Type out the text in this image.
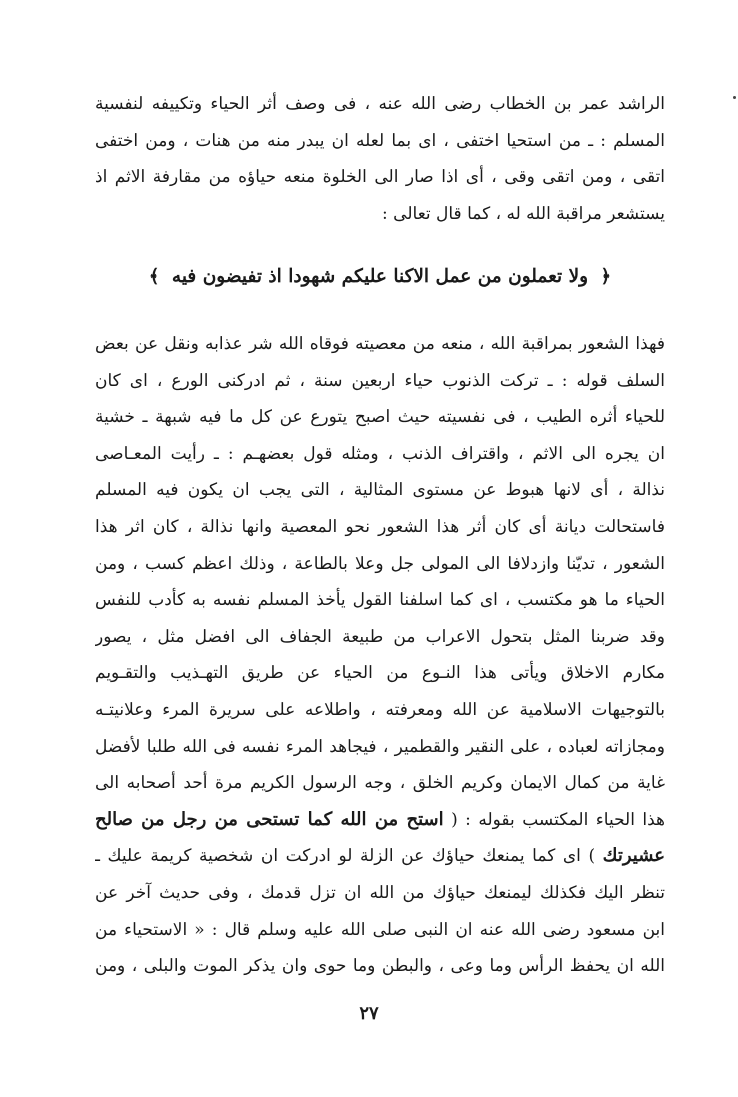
الراشد عمر بن الخطاب رضى الله عنه ، فى وصف أثر الحياء وتكييفه لنفسية
المسلم : ـ من استحيا اختفى ، اى بما لعله ان يبدر منه من هنات ، ومن اختفى
اتقى ، ومن اتقى وقى ، أى اذا صار الى الخلوة منعه حياؤه من مقارفة الاثم اذ
يستشعر مراقبة الله له ، كما قال تعالى :
﴿ ولا تعملون من عمل الاكنا عليكم شهودا اذ تفيضون فيه ﴾
فهذا الشعور بمراقبة الله ، منعه من معصيته فوقاه الله شر عذابه ونقل عن بعض
السلف قوله : ـ تركت الذنوب حياء اربعين سنة ، ثم ادركنى الورع ، اى كان
للحياء أثره الطيب ، فى نفسيته حيث اصبح يتورع عن كل ما فيه شبهة ـ خشية
ان يجره الى الاثم ، واقتراف الذنب ، ومثله قول بعضهـم : ـ رأيت المعـاصى
نذالة ، أى لانها هبوط عن مستوى المثالية ، التى يجب ان يكون فيه المسلم
فاستحالت ديانة أى كان أثر هذا الشعور نحو المعصية وانها نذالة ، كان اثر هذا
الشعور ، تديّنا وازدلافا الى المولى جل وعلا بالطاعة ، وذلك اعظم كسب ، ومن
الحياء ما هو مكتسب ، اى كما اسلفنا القول يأخذ المسلم نفسه به كأدب للنفس
وقد ضربنا المثل بتحول الاعراب من طبيعة الجفاف الى افضل مثل ، يصور
مكارم الاخلاق ويأتى هذا النـوع من الحياء عن طريق التهـذيب والتقـويم
بالتوجيهات الاسلامية عن الله ومعرفته ، واطلاعه على سريرة المرء وعلانيتـه
ومجازاته لعباده ، على النقير والقطمير ، فيجاهد المرء نفسه فى الله طلبا لأفضل
غاية من كمال الايمان وكريم الخلق ، وجه الرسول الكريم مرة أحد أصحابه الى
هذا الحياء المكتسب بقوله : ( استح من الله كما تستحى من رجل من صالح
عشيرتك ) اى كما يمنعك حياؤك عن الزلة لو ادركت ان شخصية كريمة عليك ـ
تنظر اليك فكذلك ليمنعك حياؤك من الله ان تزل قدمك ، وفى حديث آخر عن
ابن مسعود رضى الله عنه ان النبى صلى الله عليه وسلم قال : « الاستحياء من
الله ان يحفظ الرأس وما وعى ، والبطن وما حوى وان يذكر الموت والبلى ، ومن
٢٧
